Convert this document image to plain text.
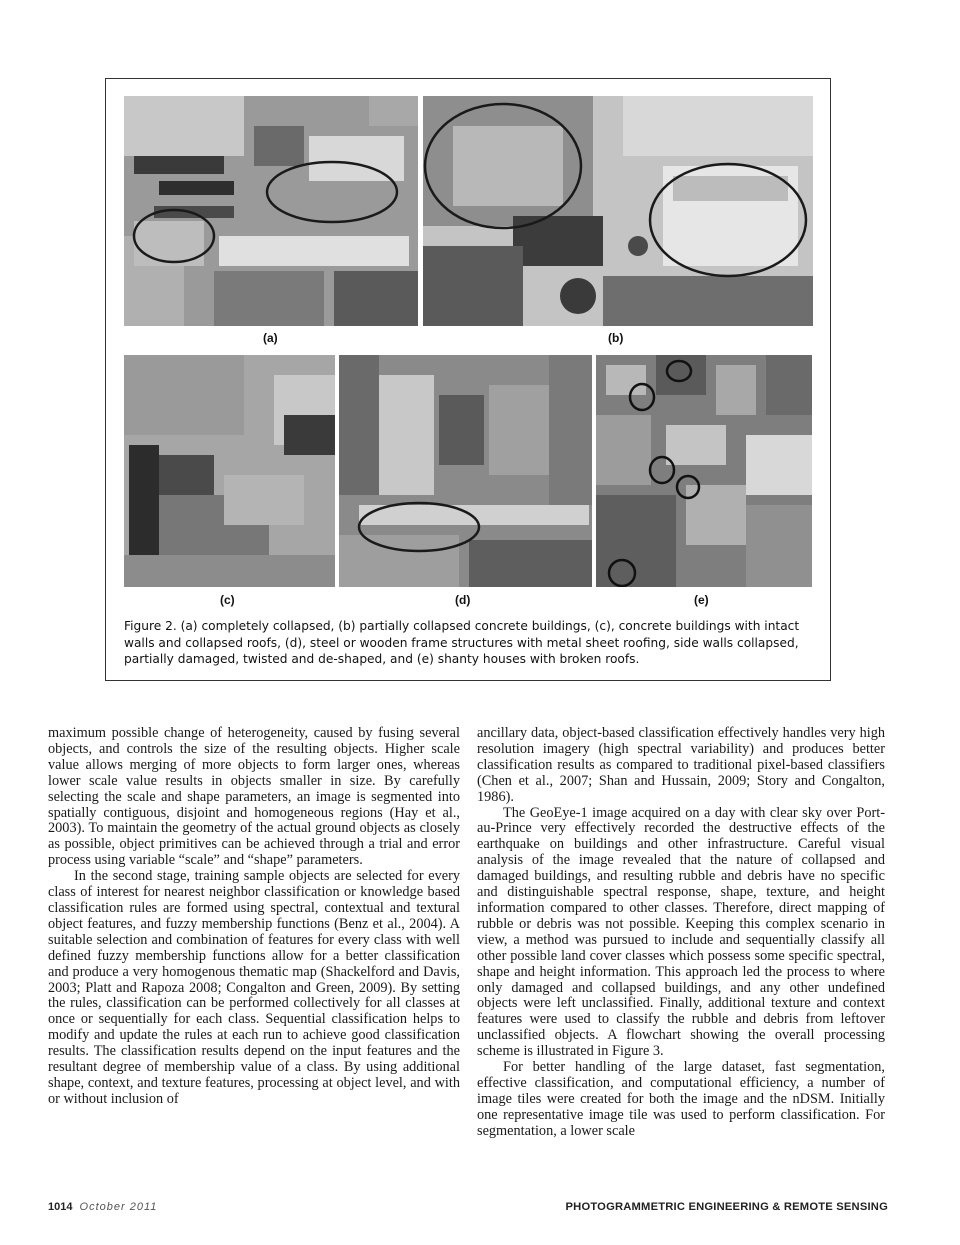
(a)	(b)
(c)	(d)	(e)

Figure 2. (a) completely collapsed, (b) partially collapsed concrete buildings, (c), concrete buildings with intact walls and collapsed roofs, (d), steel or wooden frame structures with metal sheet roofing, side walls collapsed, partially damaged, twisted and de-shaped, and (e) shanty houses with broken roofs.

maximum possible change of heterogeneity, caused by fusing several objects, and controls the size of the resulting objects. Higher scale value allows merging of more objects to form larger ones, whereas lower scale value results in objects smaller in size. By carefully selecting the scale and shape parameters, an image is segmented into spatially contiguous, disjoint and homogeneous regions (Hay et al., 2003). To maintain the geometry of the actual ground objects as closely as possible, object primitives can be achieved through a trial and error process using variable “scale” and “shape” parameters.

In the second stage, training sample objects are selected for every class of interest for nearest neighbor classification or knowledge based classification rules are formed using spectral, contextual and textural object features, and fuzzy membership functions (Benz et al., 2004). A suitable selection and combination of features for every class with well defined fuzzy membership functions allow for a better classification and produce a very homogenous thematic map (Shackelford and Davis, 2003; Platt and Rapoza 2008; Congalton and Green, 2009). By setting the rules, classification can be performed collectively for all classes at once or sequentially for each class. Sequential classification helps to modify and update the rules at each run to achieve good classification results. The classification results depend on the input features and the resultant degree of membership value of a class. By using additional shape, context, and texture features, processing at object level, and with or without inclusion of

ancillary data, object-based classification effectively handles very high resolution imagery (high spectral variability) and produces better classification results as compared to traditional pixel-based classifiers (Chen et al., 2007; Shan and Hussain, 2009; Story and Congalton, 1986).

The GeoEye-1 image acquired on a day with clear sky over Port-au-Prince very effectively recorded the destructive effects of the earthquake on buildings and other infrastructure. Careful visual analysis of the image revealed that the nature of collapsed and damaged buildings, and resulting rubble and debris have no specific and distinguishable spectral response, shape, texture, and height information compared to other classes. Therefore, direct mapping of rubble or debris was not possible. Keeping this complex scenario in view, a method was pursued to include and sequentially classify all other possible land cover classes which possess some specific spectral, shape and height information. This approach led the process to where only damaged and collapsed buildings, and any other undefined objects were left unclassified. Finally, additional texture and context features were used to classify the rubble and debris from leftover unclassified objects. A flowchart showing the overall processing scheme is illustrated in Figure 3.

For better handling of the large dataset, fast segmentation, effective classification, and computational efficiency, a number of image tiles were created for both the image and the nDSM. Initially one representative image tile was used to perform classification. For segmentation, a lower scale

1014 October 2011	PHOTOGRAMMETRIC ENGINEERING & REMOTE SENSING
